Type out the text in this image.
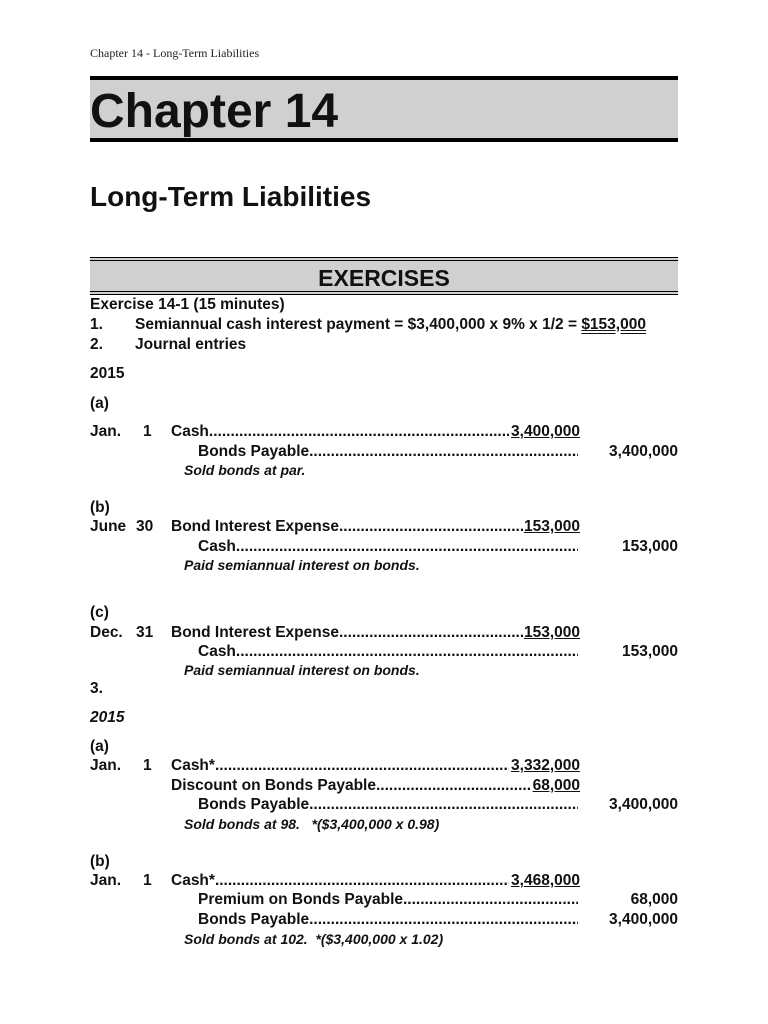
Chapter 14 - Long-Term Liabilities
Chapter 14
Long-Term Liabilities
EXERCISES
Exercise 14-1 (15 minutes)
1. Semiannual cash interest payment = $3,400,000 x 9% x 1/2 = $153,000
2. Journal entries
2015
(a)
Jan. 1 Cash .....	3,400,000
Bonds Payable .....	3,400,000
Sold bonds at par.
(b)
June 30 Bond Interest Expense .....	153,000
Cash .....	153,000
Paid semiannual interest on bonds.
(c)
Dec. 31 Bond Interest Expense .....	153,000
Cash .....	153,000
Paid semiannual interest on bonds.
3.
2015
(a)
Jan. 1 Cash* .....	3,332,000
Discount on Bonds Payable .....	68,000
Bonds Payable .....	3,400,000
Sold bonds at 98.   *($3,400,000 x 0.98)
(b)
Jan. 1 Cash* .....	3,468,000
Premium on Bonds Payable .....	68,000
Bonds Payable .....	3,400,000
Sold bonds at 102.  *($3,400,000 x 1.02)
